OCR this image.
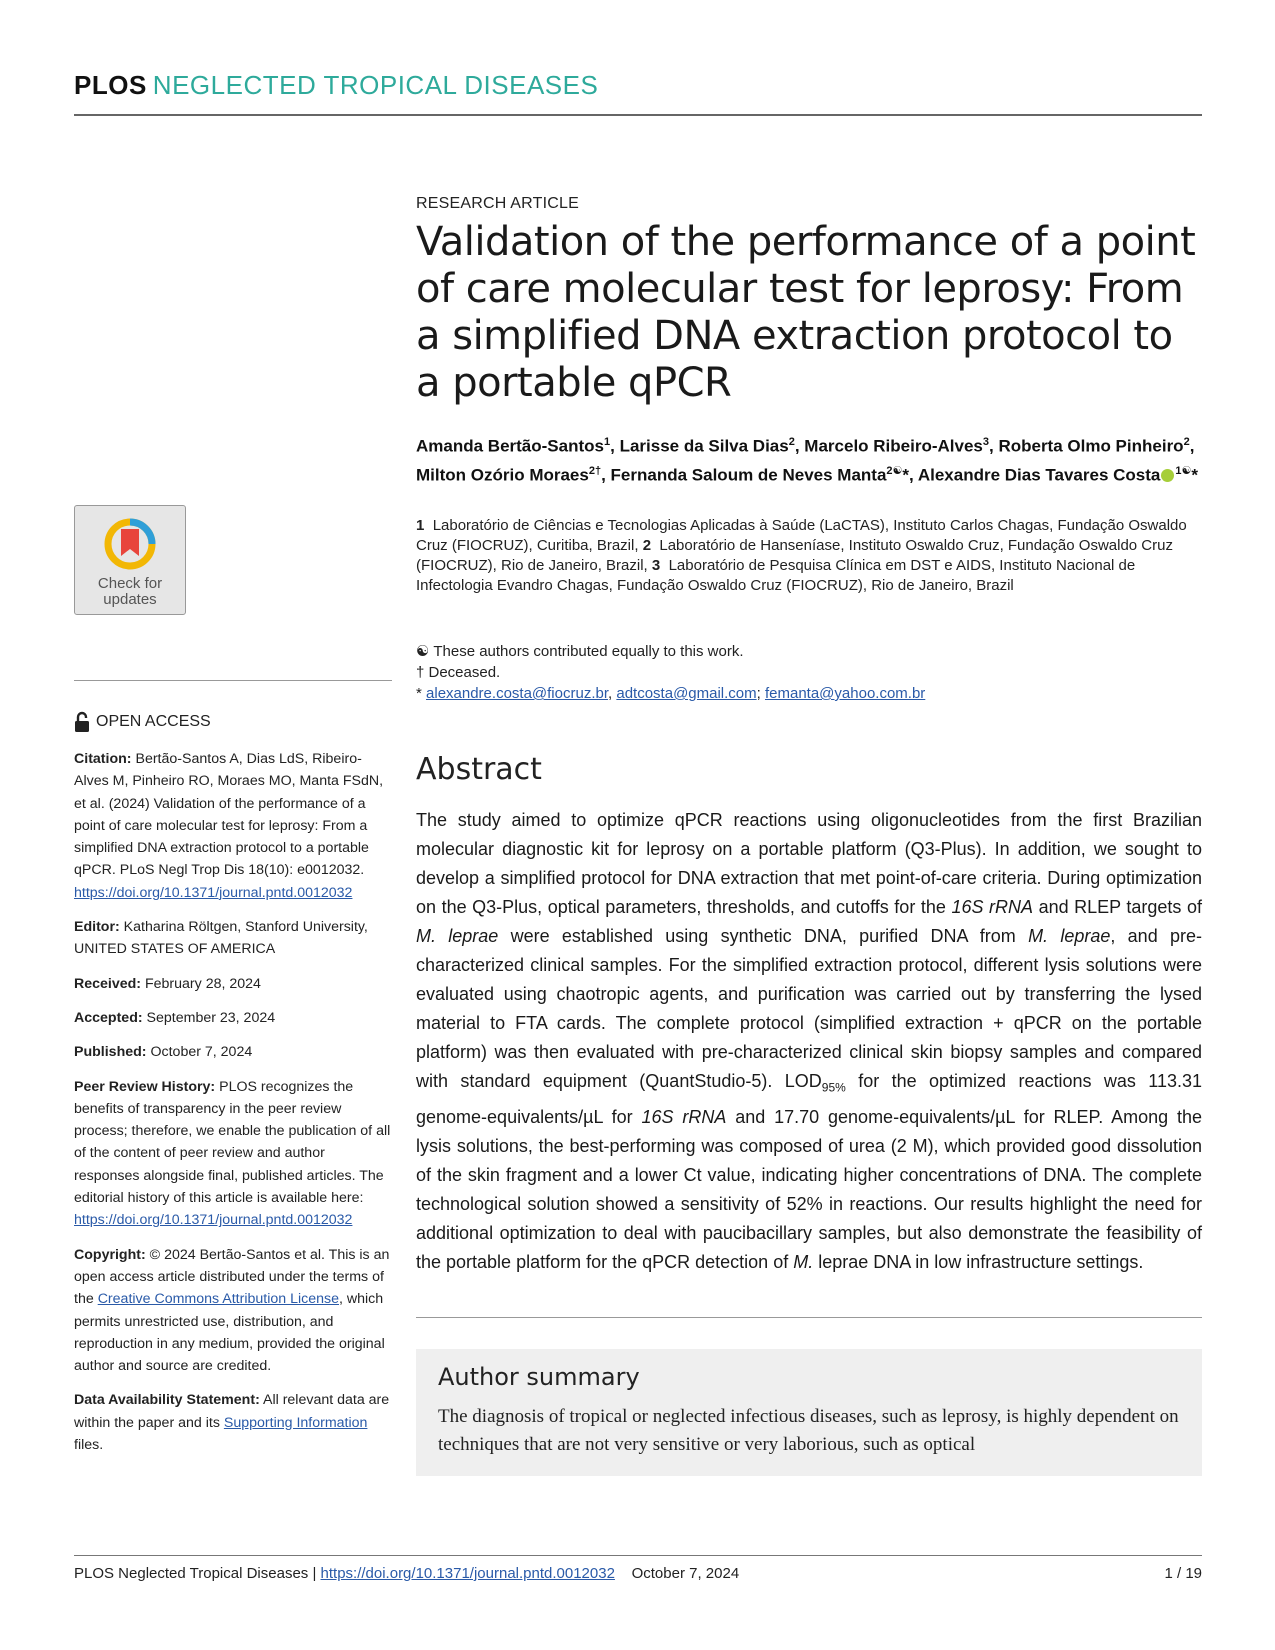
PLOS NEGLECTED TROPICAL DISEASES
Check for
updates
OPEN ACCESS

Citation: Bertão-Santos A, Dias LdS, Ribeiro-Alves M, Pinheiro RO, Moraes MO, Manta FSdN, et al. (2024) Validation of the performance of a point of care molecular test for leprosy: From a simplified DNA extraction protocol to a portable qPCR. PLoS Negl Trop Dis 18(10): e0012032. https://doi.org/10.1371/journal.pntd.0012032

Editor: Katharina Röltgen, Stanford University, UNITED STATES OF AMERICA

Received: February 28, 2024

Accepted: September 23, 2024

Published: October 7, 2024

Peer Review History: PLOS recognizes the benefits of transparency in the peer review process; therefore, we enable the publication of all of the content of peer review and author responses alongside final, published articles. The editorial history of this article is available here: https://doi.org/10.1371/journal.pntd.0012032

Copyright: © 2024 Bertão-Santos et al. This is an open access article distributed under the terms of the Creative Commons Attribution License, which permits unrestricted use, distribution, and reproduction in any medium, provided the original author and source are credited.

Data Availability Statement: All relevant data are within the paper and its Supporting Information files.

RESEARCH ARTICLE
Validation of the performance of a point of care molecular test for leprosy: From a simplified DNA extraction protocol to a portable qPCR
Amanda Bertão-Santos$^1$, Larisse da Silva Dias$^2$, Marcelo Ribeiro-Alves$^3$, Roberta Olmo Pinheiro$^2$, Milton Ozório Moraes$^{2\dagger}$, Fernanda Saloum de Neves Manta$^{2☯}$*, Alexandre Dias Tavares Costa $^{1☯}$*
1 Laboratório de Ciências e Tecnologias Aplicadas à Saúde (LaCTAS), Instituto Carlos Chagas, Fundação Oswaldo Cruz (FIOCRUZ), Curitiba, Brazil, 2 Laboratório de Hanseníase, Instituto Oswaldo Cruz, Fundação Oswaldo Cruz (FIOCRUZ), Rio de Janeiro, Brazil, 3 Laboratório de Pesquisa Clínica em DST e AIDS, Instituto Nacional de Infectologia Evandro Chagas, Fundação Oswaldo Cruz (FIOCRUZ), Rio de Janeiro, Brazil
☯ These authors contributed equally to this work.
† Deceased.
* alexandre.costa@fiocruz.br, adtcosta@gmail.com; femanta@yahoo.com.br
Abstract
The study aimed to optimize qPCR reactions using oligonucleotides from the first Brazilian molecular diagnostic kit for leprosy on a portable platform (Q3-Plus). In addition, we sought to develop a simplified protocol for DNA extraction that met point-of-care criteria. During optimization on the Q3-Plus, optical parameters, thresholds, and cutoffs for the 16S rRNA and RLEP targets of M. leprae were established using synthetic DNA, purified DNA from M. leprae, and pre-characterized clinical samples. For the simplified extraction protocol, different lysis solutions were evaluated using chaotropic agents, and purification was carried out by transferring the lysed material to FTA cards. The complete protocol (simplified extraction + qPCR on the portable platform) was then evaluated with pre-characterized clinical skin biopsy samples and compared with standard equipment (QuantStudio-5). $LOD_{95\%}$ for the optimized reactions was 113.31 genome-equivalents/µL for 16S rRNA and 17.70 genome-equivalents/µL for RLEP. Among the lysis solutions, the best-performing was composed of urea (2 M), which provided good dissolution of the skin fragment and a lower Ct value, indicating higher concentrations of DNA. The complete technological solution showed a sensitivity of 52% in reactions. Our results highlight the need for additional optimization to deal with paucibacillary samples, but also demonstrate the feasibility of the portable platform for the qPCR detection of M. leprae DNA in low infrastructure settings.
Author summary
The diagnosis of tropical or neglected infectious diseases, such as leprosy, is highly dependent on techniques that are not very sensitive or very laborious, such as optical
PLOS Neglected Tropical Diseases | https://doi.org/10.1371/journal.pntd.0012032 October 7, 2024	1 / 19
